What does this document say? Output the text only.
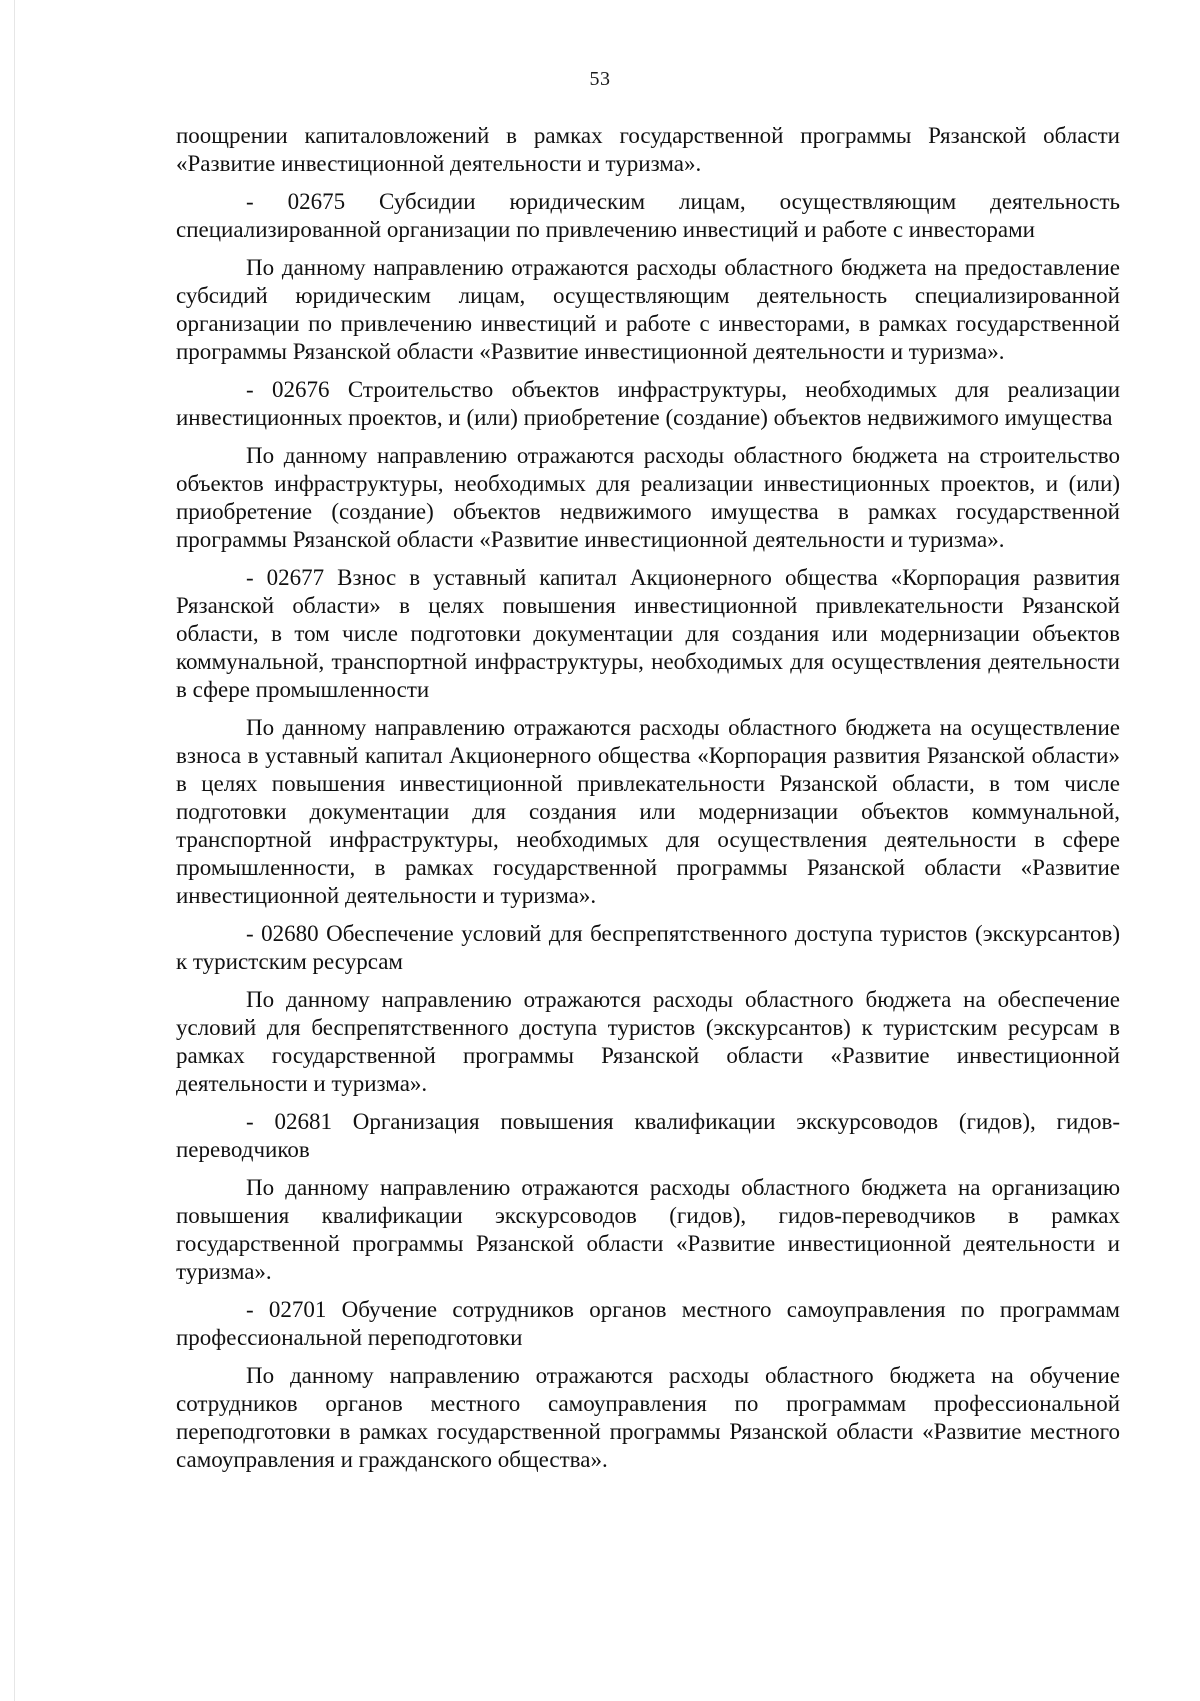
53

поощрении капиталовложений в рамках государственной программы Рязанской области «Развитие инвестиционной деятельности и туризма».

- 02675 Субсидии юридическим лицам, осуществляющим деятельность специализированной организации по привлечению инвестиций и работе с инвесторами

По данному направлению отражаются расходы областного бюджета на предоставление субсидий юридическим лицам, осуществляющим деятельность специализированной организации по привлечению инвестиций и работе с инвесторами, в рамках государственной программы Рязанской области «Развитие инвестиционной деятельности и туризма».

- 02676 Строительство объектов инфраструктуры, необходимых для реализации инвестиционных проектов, и (или) приобретение (создание) объектов недвижимого имущества

По данному направлению отражаются расходы областного бюджета на строительство объектов инфраструктуры, необходимых для реализации инвестиционных проектов, и (или) приобретение (создание) объектов недвижимого имущества в рамках государственной программы Рязанской области «Развитие инвестиционной деятельности и туризма».

- 02677 Взнос в уставный капитал Акционерного общества «Корпорация развития Рязанской области» в целях повышения инвестиционной привлекательности Рязанской области, в том числе подготовки документации для создания или модернизации объектов коммунальной, транспортной инфраструктуры, необходимых для осуществления деятельности в сфере промышленности

По данному направлению отражаются расходы областного бюджета на осуществление взноса в уставный капитал Акционерного общества «Корпорация развития Рязанской области» в целях повышения инвестиционной привлекательности Рязанской области, в том числе подготовки документации для создания или модернизации объектов коммунальной, транспортной инфраструктуры, необходимых для осуществления деятельности в сфере промышленности, в рамках государственной программы Рязанской области «Развитие инвестиционной деятельности и туризма».

- 02680 Обеспечение условий для беспрепятственного доступа туристов (экскурсантов) к туристским ресурсам

По данному направлению отражаются расходы областного бюджета на обеспечение условий для беспрепятственного доступа туристов (экскурсантов) к туристским ресурсам в рамках государственной программы Рязанской области «Развитие инвестиционной деятельности и туризма».

- 02681 Организация повышения квалификации экскурсоводов (гидов), гидов-переводчиков

По данному направлению отражаются расходы областного бюджета на организацию повышения квалификации экскурсоводов (гидов), гидов-переводчиков в рамках государственной программы Рязанской области «Развитие инвестиционной деятельности и туризма».

- 02701 Обучение сотрудников органов местного самоуправления по программам профессиональной переподготовки

По данному направлению отражаются расходы областного бюджета на обучение сотрудников органов местного самоуправления по программам профессиональной переподготовки в рамках государственной программы Рязанской области «Развитие местного самоуправления и гражданского общества».
